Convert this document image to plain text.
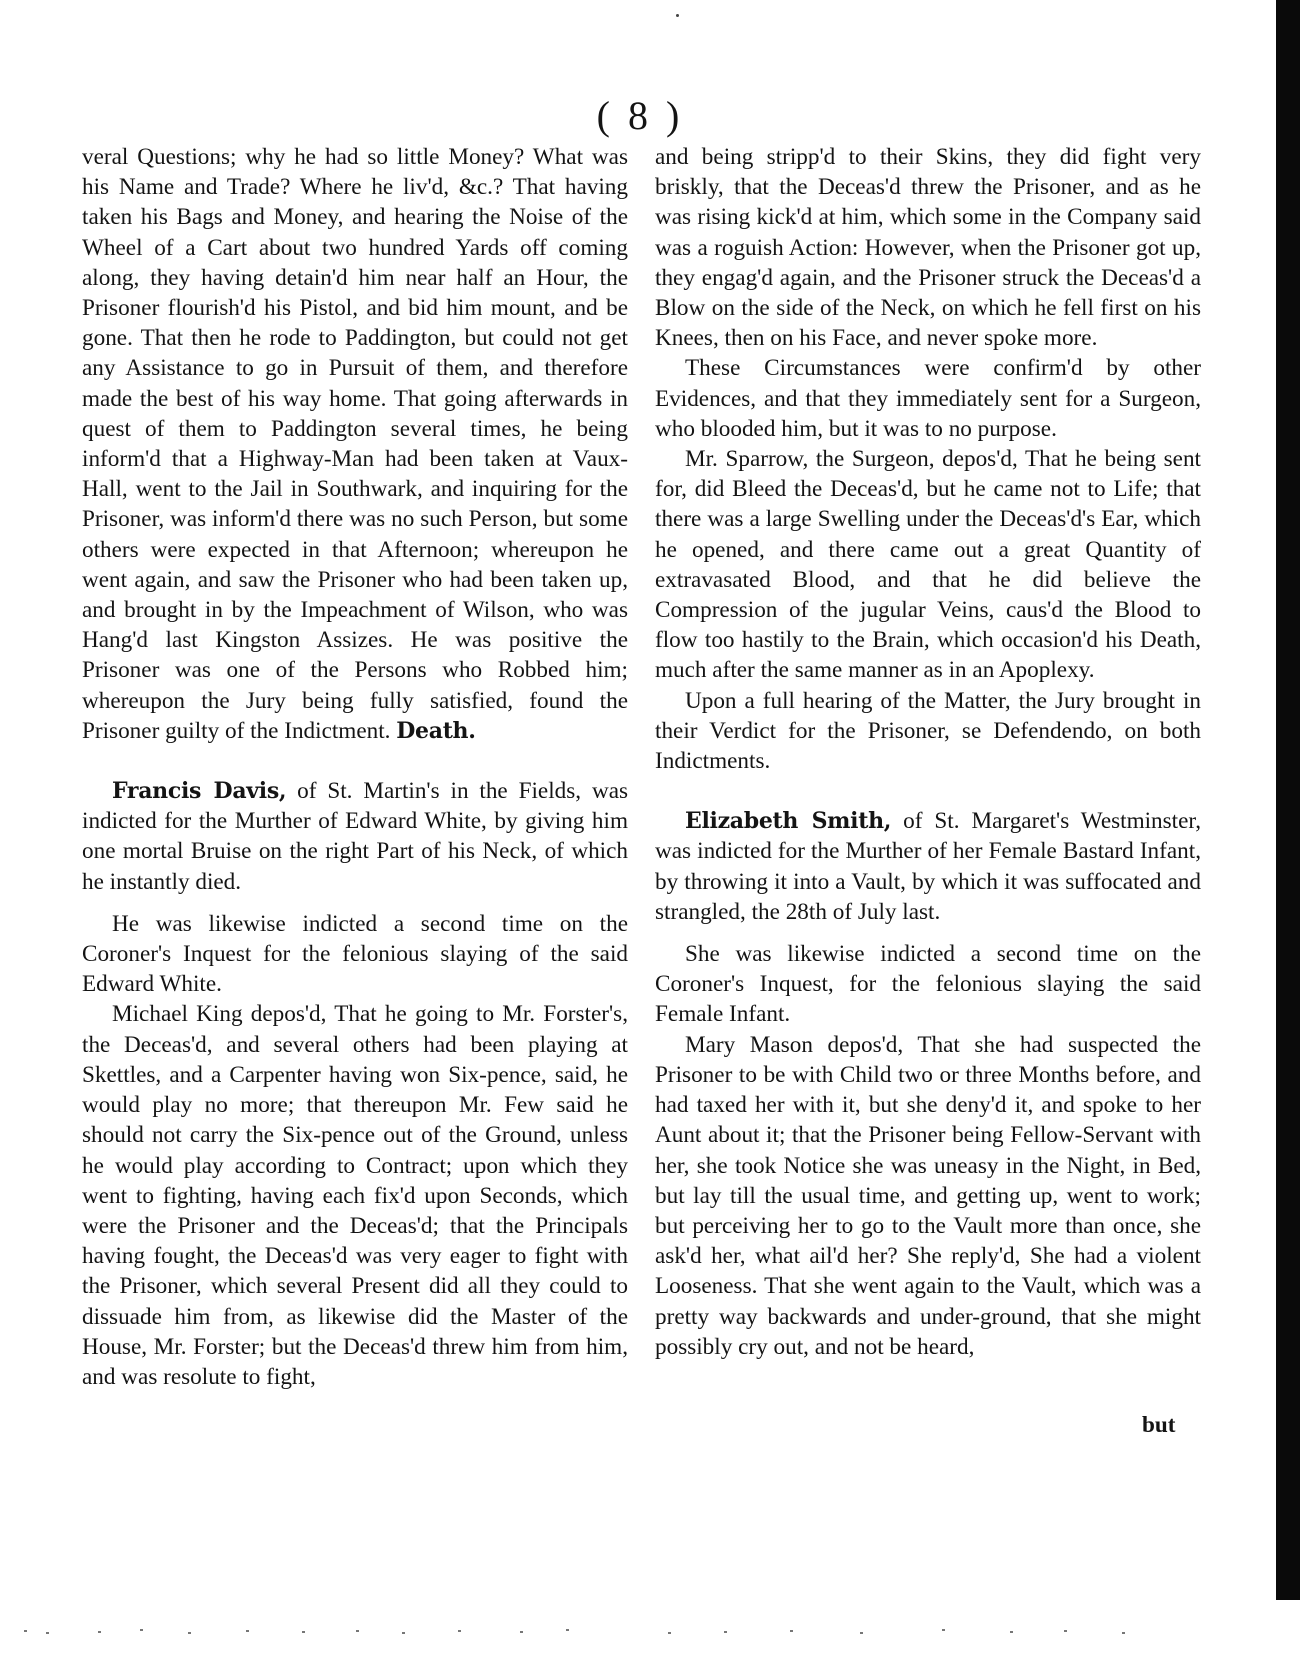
( 8 )

veral Questions; why he had so little Money? What was his Name and Trade? Where he liv'd, &c.? That having taken his Bags and Money, and hearing the Noise of the Wheel of a Cart about two hundred Yards off coming along, they having detain'd him near half an Hour, the Prisoner flourish'd his Pistol, and bid him mount, and be gone. That then he rode to Paddington, but could not get any Assistance to go in Pursuit of them, and therefore made the best of his way home. That going afterwards in quest of them to Paddington several times, he being inform'd that a Highway-Man had been taken at Vaux-Hall, went to the Jail in Southwark, and inquiring for the Prisoner, was inform'd there was no such Person, but some others were expected in that Afternoon; whereupon he went again, and saw the Prisoner who had been taken up, and brought in by the Impeachment of Wilson, who was Hang'd last Kingston Assizes. He was positive the Prisoner was one of the Persons who Robbed him; whereupon the Jury being fully satisfied, found the Prisoner guilty of the Indictment. Death.

Francis Davis, of St. Martin's in the Fields, was indicted for the Murther of Edward White, by giving him one mortal Bruise on the right Part of his Neck, of which he instantly died.

He was likewise indicted a second time on the Coroner's Inquest for the felonious slaying of the said Edward White.

Michael King depos'd, That he going to Mr. Forster's, the Deceas'd, and several others had been playing at Skettles, and a Carpenter having won Six-pence, said, he would play no more; that thereupon Mr. Few said he should not carry the Six-pence out of the Ground, unless he would play according to Contract; upon which they went to fighting, having each fix'd upon Seconds, which were the Prisoner and the Deceas'd; that the Principals having fought, the Deceas'd was very eager to fight with the Prisoner, which several Present did all they could to dissuade him from, as likewise did the Master of the House, Mr. Forster; but the Deceas'd threw him from him, and was resolute to fight,

and being stripp'd to their Skins, they did fight very briskly, that the Deceas'd threw the Prisoner, and as he was rising kick'd at him, which some in the Company said was a roguish Action: However, when the Prisoner got up, they engag'd again, and the Prisoner struck the Deceas'd a Blow on the side of the Neck, on which he fell first on his Knees, then on his Face, and never spoke more.

These Circumstances were confirm'd by other Evidences, and that they immediately sent for a Surgeon, who blooded him, but it was to no purpose.

Mr. Sparrow, the Surgeon, depos'd, That he being sent for, did Bleed the Deceas'd, but he came not to Life; that there was a large Swelling under the Deceas'd's Ear, which he opened, and there came out a great Quantity of extravasated Blood, and that he did believe the Compression of the jugular Veins, caus'd the Blood to flow too hastily to the Brain, which occasion'd his Death, much after the same manner as in an Apoplexy.

Upon a full hearing of the Matter, the Jury brought in their Verdict for the Prisoner, se Defendendo, on both Indictments.

Elizabeth Smith, of St. Margaret's Westminster, was indicted for the Murther of her Female Bastard Infant, by throwing it into a Vault, by which it was suffocated and strangled, the 28th of July last.

She was likewise indicted a second time on the Coroner's Inquest, for the felonious slaying the said Female Infant.

Mary Mason depos'd, That she had suspected the Prisoner to be with Child two or three Months before, and had taxed her with it, but she deny'd it, and spoke to her Aunt about it; that the Prisoner being Fellow-Servant with her, she took Notice she was uneasy in the Night, in Bed, but lay till the usual time, and getting up, went to work; but perceiving her to go to the Vault more than once, she ask'd her, what ail'd her? She reply'd, She had a violent Looseness. That she went again to the Vault, which was a pretty way backwards and under-ground, that she might possibly cry out, and not be heard,

but
